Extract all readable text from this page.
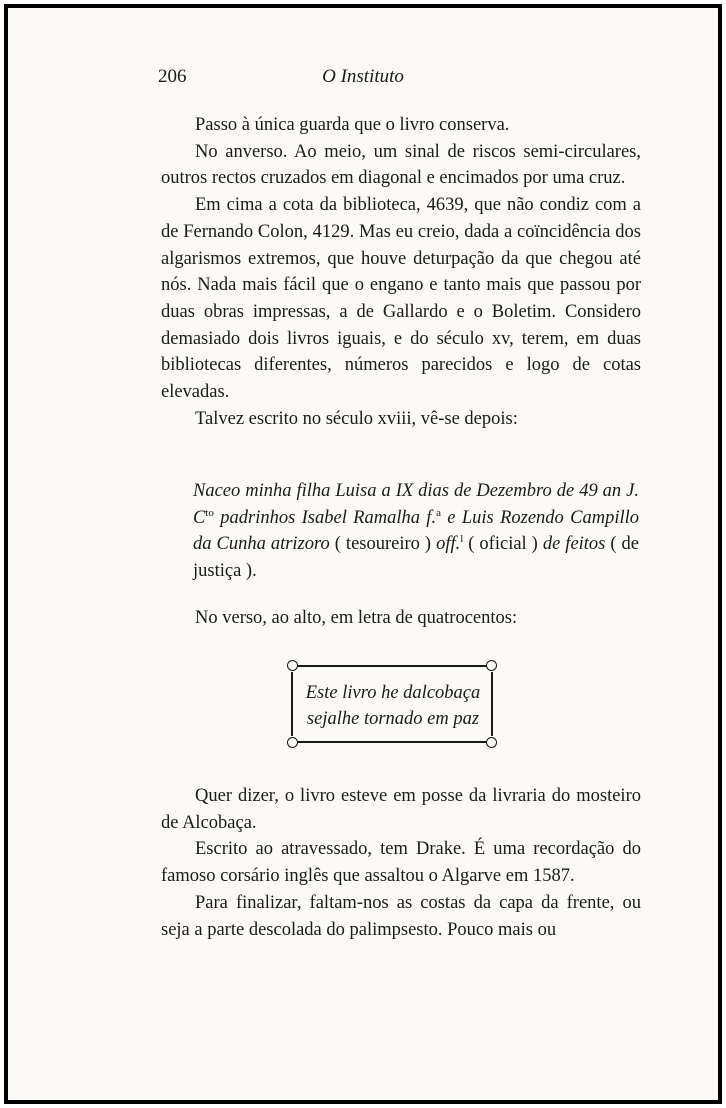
206	O Instituto

Passo à única guarda que o livro conserva.

No anverso. Ao meio, um sinal de riscos semi-circulares, outros rectos cruzados em diagonal e encimados por uma cruz.

Em cima a cota da biblioteca, 4639, que não condiz com a de Fernando Colon, 4129. Mas eu creio, dada a coïncidência dos algarismos extremos, que houve deturpação da que chegou até nós. Nada mais fácil que o engano e tanto mais que passou por duas obras impressas, a de Gallardo e o Boletim. Considero demasiado dois livros iguais, e do século xv, terem, em duas bibliotecas diferentes, números parecidos e logo de cotas elevadas.

Talvez escrito no século xviii, vê-se depois:

Naceo minha filha Luisa a IX dias de Dezembro de 49 an J. $C^{to}$ padrinhos Isabel Ramalha f.$^a$ e Luis Rozendo Campillo da Cunha atrizoro ( tesoureiro ) off.$^l$ ( oficial ) de feitos ( de justiça ).

No verso, ao alto, em letra de quatrocentos:

Este livro he dalcobaça
sejalhe tornado em paz

Quer dizer, o livro esteve em posse da livraria do mosteiro de Alcobaça.

Escrito ao atravessado, tem Drake. É uma recordação do famoso corsário inglês que assaltou o Algarve em 1587.

Para finalizar, faltam-nos as costas da capa da frente, ou seja a parte descolada do palimpsesto. Pouco mais ou
